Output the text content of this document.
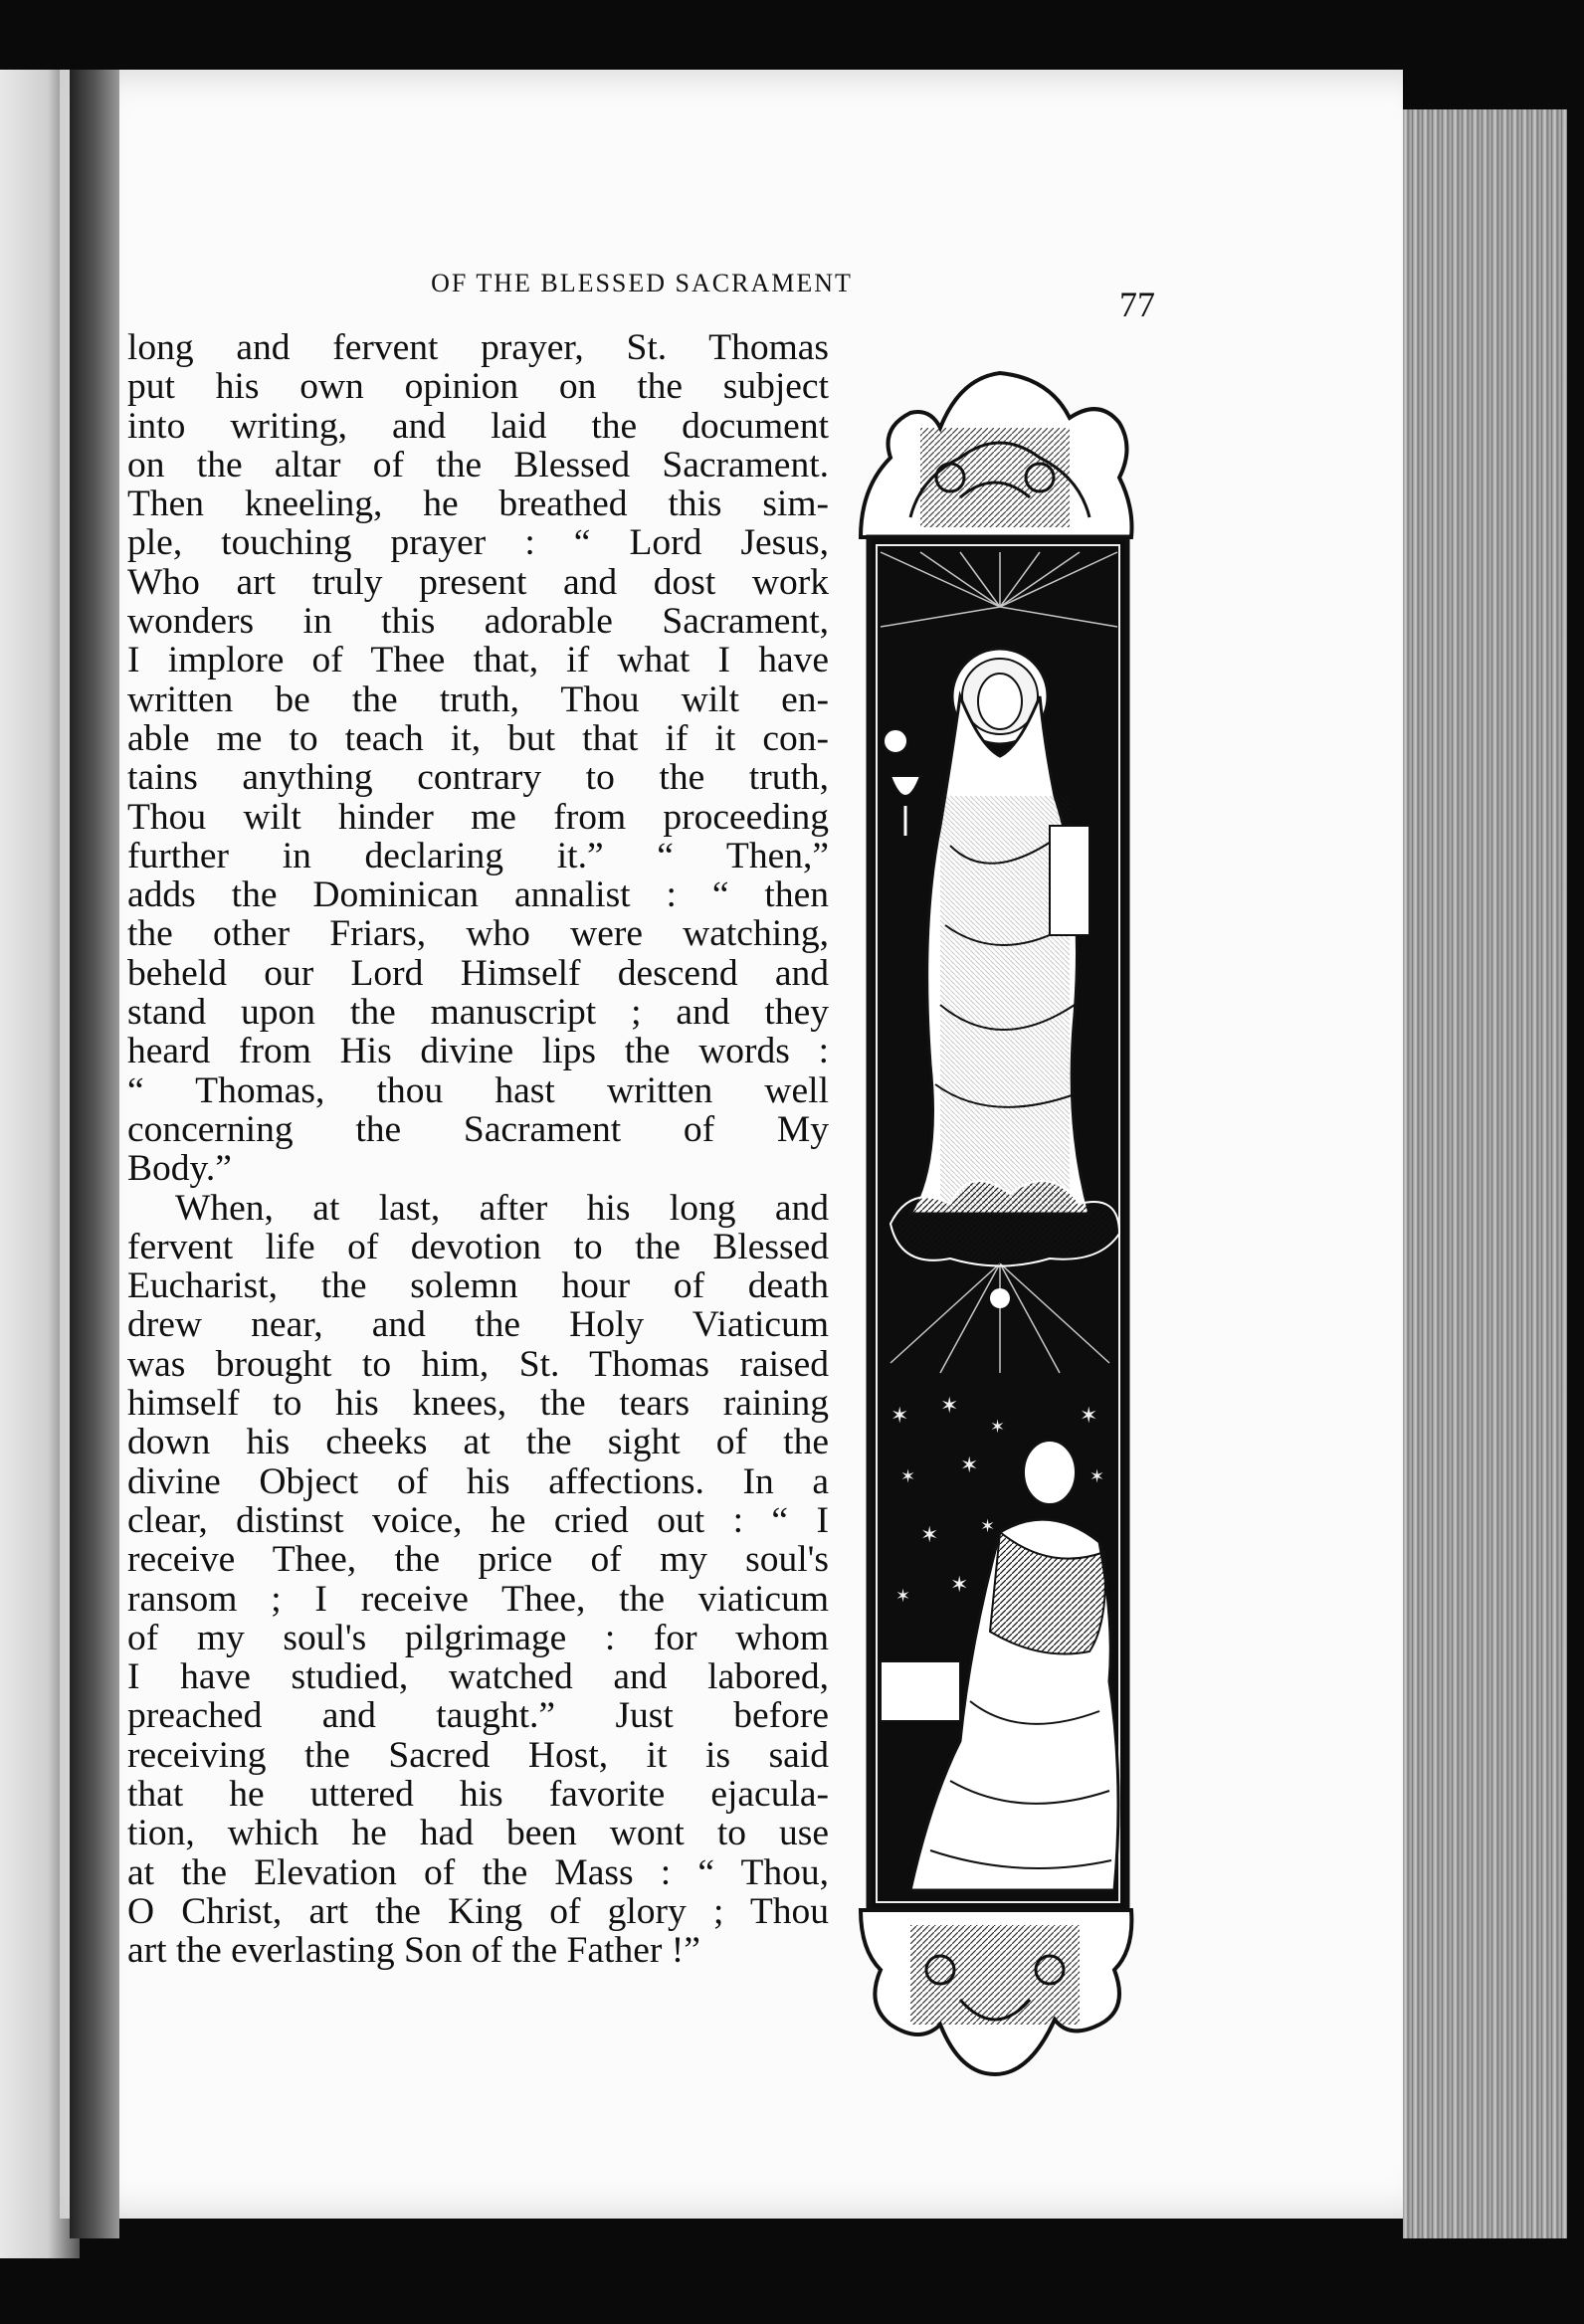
OF THE BLESSED SACRAMENT
77

long and fervent prayer, St. Thomas

put his own opinion on the subject

into writing, and laid the document

on the altar of the Blessed Sacrament.

Then kneeling, he breathed this sim-

ple, touching prayer : “ Lord Jesus,

Who art truly present and dost work

wonders in this adorable Sacrament,

I implore of Thee that, if what I have

written be the truth, Thou wilt en-

able me to teach it, but that if it con-

tains anything contrary to the truth,

Thou wilt hinder me from proceeding

further in declaring it.” “ Then,”

adds the Dominican annalist : “ then

the other Friars, who were watching,

beheld our Lord Himself descend and

stand upon the manuscript ; and they

heard from His divine lips the words :

“ Thomas, thou hast written well

concerning the Sacrament of My

Body.”

When, at last, after his long and

fervent life of devotion to the Blessed

Eucharist, the solemn hour of death

drew near, and the Holy Viaticum

was brought to him, St. Thomas raised

himself to his knees, the tears raining

down his cheeks at the sight of the

divine Object of his affections. In a

clear, distinst voice, he cried out : “ I

receive Thee, the price of my soul's

ransom ; I receive Thee, the viaticum

of my soul's pilgrimage : for whom

I have studied, watched and labored,

preached and taught.” Just before

receiving the Sacred Host, it is said

that he uttered his favorite ejacula-

tion, which he had been wont to use

at the Elevation of the Mass : “ Thou,

O Christ, art the King of glory ; Thou

art the everlasting Son of the Father !”

✶ ✶
✶	✶
✶ ✶	✶
✶ ✶
✶ ✶
